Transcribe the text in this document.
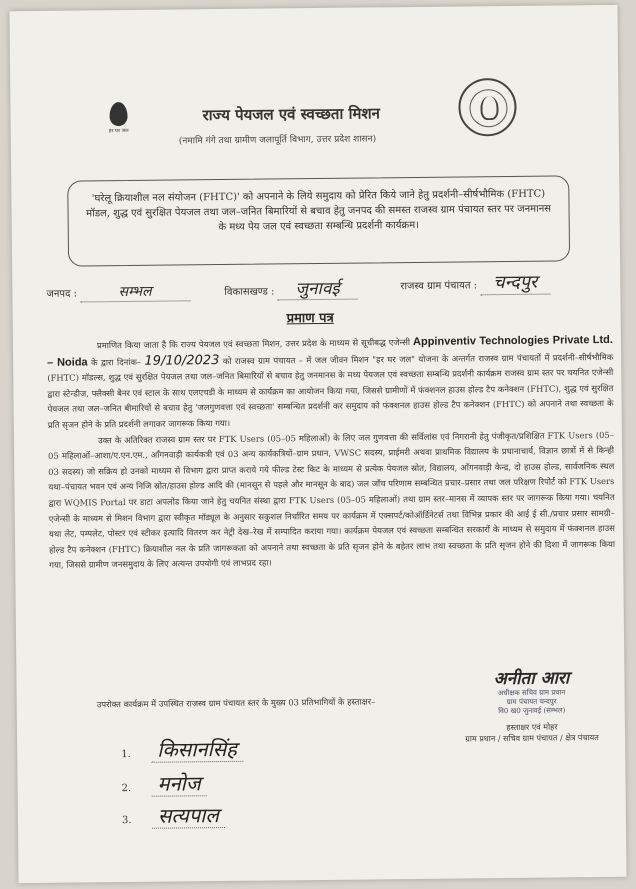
हर घर जल
राज्य पेयजल एवं स्वच्छता मिशन
(नमामि गंगे तथा ग्रामीण जलापूर्ति विभाग, उत्तर प्रदेश शासन)
'घरेलू क्रियाशील नल संयोजन (FHTC)' को अपनाने के लिये समुदाय को प्रेरित किये जाने हेतु प्रदर्शनी–सीर्षभौमिक (FHTC) मॉडल, शुद्ध एवं सुरक्षित पेयजल तथा जल–जनित बिमारियों से बचाव हेतु जनपद की समस्त राजस्व ग्राम पंचायत स्तर पर जनमानस के मध्य पेय जल एवं स्वच्छता सम्बन्धि प्रदर्शनी कार्यक्रम।
जनपद :	सम्भल	विकासखण्ड : जुनावई	राजस्व ग्राम पंचायत : चन्दपुर
प्रमाण पत्र

प्रमाणित किया जाता है कि राज्य पेयजल एवं स्वच्छता मिशन, उत्तर प्रदेश के माध्यम से सूचीबद्ध एजेन्सी Appinventiv Technologies Private Ltd. – Noida के द्वारा दिनांक– 19/10/2023 को राजस्व ग्राम पंचायत – में जल जीवन मिशन "हर घर जल" योजना के अन्तर्गत राजस्व ग्राम पंचायतों में प्रदर्शनी–सीर्षभौमिक (FHTC) मॉडल्स, शुद्ध एवं सुरक्षित पेयजल तथा जल–जनित बिमारियों से बचाव हेतु जनमानस के मध्य पेयजल एवं स्वच्छता सम्बन्धि प्रदर्शनी कार्यक्रम राजस्व ग्राम स्तर पर चयनित एजेन्सी द्वारा स्टेन्डीज, फ्लैक्सी बैनर एवं स्टाल के साथ एलएचडी के माध्यम से कार्यक्रम का आयोजन किया गया, जिससे ग्रामीणों में फंक्शनल हाउस होल्ड टैप कनेक्शन (FHTC), शुद्ध एवं सुरक्षित पेयजल तथा जल–जनित बीमारियों से बचाव हेतु 'जलगुणवत्ता एवं स्वच्छता' सम्बन्धित प्रदर्शनी कर समुदाय को फंक्शनल हाउस होल्ड टैप कनेक्शन (FHTC) को अपनाने तथा स्वच्छता के प्रति सृजन होने के प्रति प्रदर्शनी लगाकर जागरूक किया गया।

उक्त के अतिरिक्त राजस्व ग्राम स्तर पर FTK Users (05–05 महिलाओं) के लिए जल गुणवत्ता की सर्विलांस एवं निगरानी हेतु पंजीकृत/प्रशिक्षित FTK Users (05–05 महिलाओं–आशा/ए.एन.एम., आँगनवाड़ी कार्यकत्री एवं 03 अन्य कार्यकत्रियों–ग्राम प्रधान, VWSC सदस्य, प्राईमरी अथवा प्राथमिक विद्यालय के प्रधानाचार्य, विज्ञान छात्रों में से किन्ही 03 सदस्य) जो सक्रिय हो उनको माध्यम से विभाग द्वारा प्राप्त कराये गये फील्ड टेस्ट किट के माध्यम से प्रत्येक पेयजल स्रोत, विद्यालय, आँगनवाड़ी केन्द्र, दो हाउस होल्ड, सार्वजनिक स्थल यथा–पंचायत भवन एवं अन्य निजि स्रोत/हाउस होल्ड आदि की (मानसून से पहले और मानसून के बाद) जल जाँच परिणाम सम्बन्धित प्रचार–प्रसार तथा जल परिक्षण रिपोर्ट को FTK Users द्वारा WQMIS Portal पर डाटा अपलोड किया जाने हेतु चयनित संस्था द्वारा FTK Users (05–05 महिलाओं) तथा ग्राम स्तर–मानस में व्यापक स्तर पर जागरूक किया गया। चयनित एजेन्सी के माध्यम से मिशन विभाग द्वारा स्वीकृत मॉड्यूल के अनुसार सकुशल निर्धारित समय पर कार्यक्रम में एक्सपर्ट/कोऑर्डिनेटर्स तथा विभिन्न प्रकार की आई ई सी./प्रचार प्रसार सामग्री–यथा लेट, पम्पलेट, पोस्टर एवं स्टीकर इत्यादि वितरण कर नेट्री देख–रेख में सम्पादित कराया गया। कार्यक्रम पेयजल एवं स्वच्छता सम्बन्धित सरकारों के माध्यम से समुदाय में फंक्शनल हाउस होल्ड टैप कनेक्शन (FHTC) क्रियाशील नल के प्रति जागरूकता को अपनाने तथा स्वच्छता के प्रति सृजन होने के बहेतर लाभ तथा स्वच्छता के प्रति सृजन होने की दिशा में जागरूक किया गया, जिससे ग्रामीण जनसमुदाय के लिए अत्यन्त उपयोगी एवं लाभप्रद रहा।

उपरोक्त कार्यक्रम में उपस्थित राजस्व ग्राम पंचायत स्तर के मुख्य 03 प्रतिभागियों के हस्ताक्षर–
अनीता आरा
अधीक्षक सचिव ग्राम प्रधान
ग्राम पंचायत चन्दपुर
वि0 ख0 जुनावई (सम्भल)
हस्ताक्षर एवं मोहर
ग्राम प्रधान / सचिव ग्राम पंचायत / क्षेत्र पंचायत
1. किसानसिंह
2. मनोज
3. सत्यपाल
